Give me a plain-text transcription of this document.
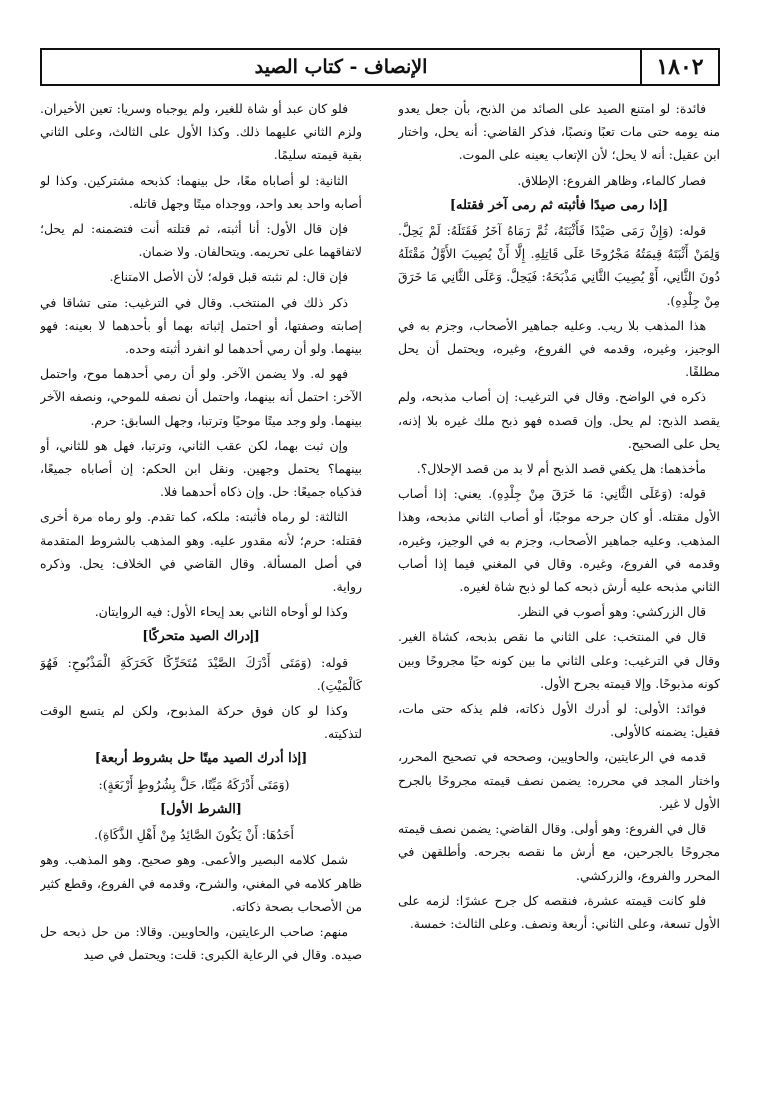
١٨٠٢
الإنصاف - كتاب الصيد

فائدة: لو امتنع الصيد على الصائد من الذبح، بأن جعل يعدو منه يومه حتى مات تعبًا ونصبًا، فذكر القاضي: أنه يحل، واختار ابن عقيل: أنه لا يحل؛ لأن الإتعاب يعينه على الموت.

فصار كالماء، وظاهر الفروع: الإطلاق.

[إذا رمى صيدًا فأثبته ثم رمى آخر فقتله]

قوله: (وَإِنْ رَمَى صَيْدًا فَأَثْبَتَهُ، ثُمَّ رَمَاهُ آخَرُ فَقَتَلَهُ: لَمْ يَحِلَّ. وَلِمَنْ أَثْبَتَهُ قِيمَتُهُ مَجْرُوحًا عَلَى قَاتِلِهِ. إِلَّا أَنْ يُصِيبَ الأَوَّلُ مَقْتَلَهُ دُونَ الثَّانِي، أَوْ يُصِيبَ الثَّانِي مَذْبَحَهُ: فَيَحِلَّ. وَعَلَى الثَّانِي مَا خَرَقَ مِنْ جِلْدِهِ).

هذا المذهب بلا ريب. وعليه جماهير الأصحاب، وجزم به في الوجيز، وغيره، وقدمه في الفروع، وغيره، ويحتمل أن يحل مطلقًا.

ذكره في الواضح. وقال في الترغيب: إن أصاب مذبحه، ولم يقصد الذبح: لم يحل. وإن قصده فهو ذبح ملك غيره بلا إذنه، يحل على الصحيح.

مأخذهما: هل يكفي قصد الذبح أم لا بد من قصد الإحلال؟.

قوله: (وَعَلَى الثَّانِي: مَا خَرَقَ مِنْ جِلْدِهِ). يعني: إذا أصاب الأول مقتله. أو كان جرحه موجبًا، أو أصاب الثاني مذبحه، وهذا المذهب. وعليه جماهير الأصحاب، وجزم به في الوجيز، وغيره، وقدمه في الفروع، وغيره. وقال في المغني فيما إذا أصاب الثاني مذبحه عليه أرش ذبحه كما لو ذبح شاة لغيره.

قال الزركشي: وهو أصوب في النظر.

قال في المنتخب: على الثاني ما نقص بذبحه، كشاة الغير. وقال في الترغيب: وعلى الثاني ما بين كونه حيًا مجروحًا وبين كونه مذبوحًا. وإلا قيمته بجرح الأول.

فوائد: الأولى: لو أدرك الأول ذكاته، فلم يذكه حتى مات، فقيل: يضمنه كالأولى.

قدمه في الرعايتين، والحاويين، وصححه في تصحيح المحرر، واختار المجد في محرره: يضمن نصف قيمته مجروحًا بالجرح الأول لا غير.

قال في الفروع: وهو أولى. وقال القاضي: يضمن نصف قيمته مجروحًا بالجرحين، مع أرش ما نقصه بجرحه. وأطلقهن في المحرر والفروع، والزركشي.

فلو كانت قيمته عشرة، فنقصه كل جرح عشرًا: لزمه على الأول تسعة، وعلى الثاني: أربعة ونصف. وعلى الثالث: خمسة.

فلو كان عبد أو شاة للغير، ولم يوجباه وسريا: تعين الأخيران. ولزم الثاني عليهما ذلك. وكذا الأول على الثالث، وعلى الثاني بقية قيمته سليمًا.

الثانية: لو أصاباه معًا، حل بينهما: كذبحه مشتركين. وكذا لو أصابه واحد بعد واحد، ووجداه ميتًا وجهل قاتله.

فإن قال الأول: أنا أثبته، ثم قتلته أنت فتضمنه: لم يحل؛ لاتفاقهما على تحريمه. ويتحالفان. ولا ضمان.

فإن قال: لم نثبته قبل قوله؛ لأن الأصل الامتناع.

ذكر ذلك في المنتخب. وقال في الترغيب: متى تشاقا في إصابته وصفتها، أو احتمل إثباته بهما أو بأحدهما لا بعينه: فهو بينهما. ولو أن رمي أحدهما لو انفرد أثبته وحده.

فهو له. ولا يضمن الآخر. ولو أن رمي أحدهما موح، واحتمل الآخر: احتمل أنه بينهما، واحتمل أن نصفه للموحي، ونصفه الآخر بينهما. ولو وجد ميتًا موحيًا وترتبا، وجهل السابق: حرم.

وإن ثبت بهما، لكن عقب الثاني، وترتبا، فهل هو للثاني، أو بينهما؟ يحتمل وجهين. ونقل ابن الحكم: إن أصاباه جميعًا، فذكياه جميعًا: حل. وإن ذكاه أحدهما فلا.

الثالثة: لو رماه فأثبته: ملكه، كما تقدم. ولو رماه مرة أخرى فقتله: حرم؛ لأنه مقدور عليه. وهو المذهب بالشروط المتقدمة في أصل المسألة. وقال القاضي في الخلاف: يحل. وذكره رواية.

وكذا لو أوحاه الثاني بعد إيحاء الأول: فيه الروايتان.

[إدراك الصيد متحركًا]

قوله: (وَمَتَى أَدْرَكَ الصَّيْدَ مُتَحَرِّكًا كَحَرَكَةِ الْمَذْبُوحِ: فَهُوَ كَالْمَيْتِ).

وكذا لو كان فوق حركة المذبوح، ولكن لم يتسع الوقت لتذكيته.

[إذا أدرك الصيد ميتًا حل بشروط أربعة]

(وَمَتَى أَدْرَكَهُ مَيِّتًا، حَلَّ بِشُرُوطٍ أَرْبَعَةٍ):

[الشرط الأول]

أَحَدُهَا: أَنْ يَكُونَ الصَّائِدُ مِنْ أَهْلِ الذَّكَاةِ).

شمل كلامه البصير والأعمى. وهو صحيح. وهو المذهب. وهو ظاهر كلامه في المغني، والشرح، وقدمه في الفروع، وقطع كثير من الأصحاب بصحة ذكاته.

منهم: صاحب الرعايتين، والحاويين. وقالا: من حل ذبحه حل صيده. وقال في الرعاية الكبرى: قلت: ويحتمل في صيد
